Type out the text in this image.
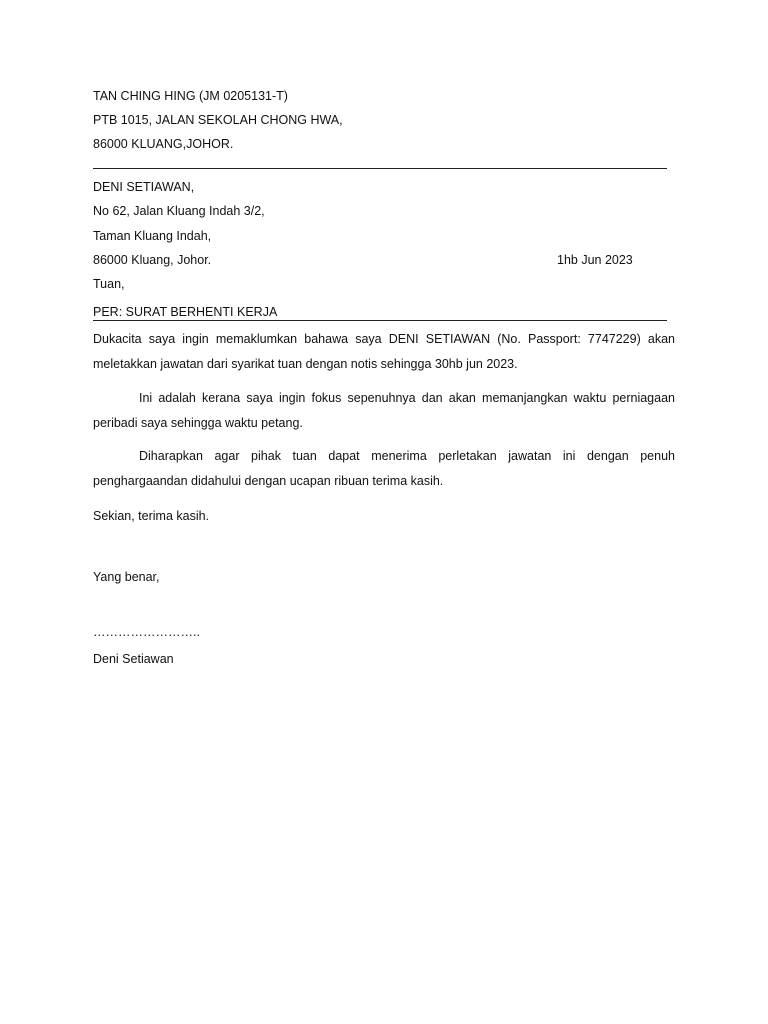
TAN CHING HING (JM 0205131-T)
PTB 1015, JALAN SEKOLAH CHONG HWA,
86000 KLUANG,JOHOR.
DENI SETIAWAN,
No 62, Jalan Kluang Indah 3/2,
Taman Kluang Indah,
86000 Kluang, Johor.	1hb Jun 2023
Tuan,
PER: SURAT BERHENTI KERJA
Dukacita saya ingin memaklumkan bahawa saya DENI SETIAWAN (No. Passport: 7747229) akan meletakkan jawatan dari syarikat tuan dengan notis sehingga 30hb jun 2023.
Ini adalah kerana saya ingin fokus sepenuhnya dan akan memanjangkan waktu perniagaan peribadi saya sehingga waktu petang.
Diharapkan agar pihak tuan dapat menerima perletakan jawatan ini dengan penuh penghargaandan didahului dengan ucapan ribuan terima kasih.
Sekian, terima kasih.
Yang benar,
……………………..
Deni Setiawan
